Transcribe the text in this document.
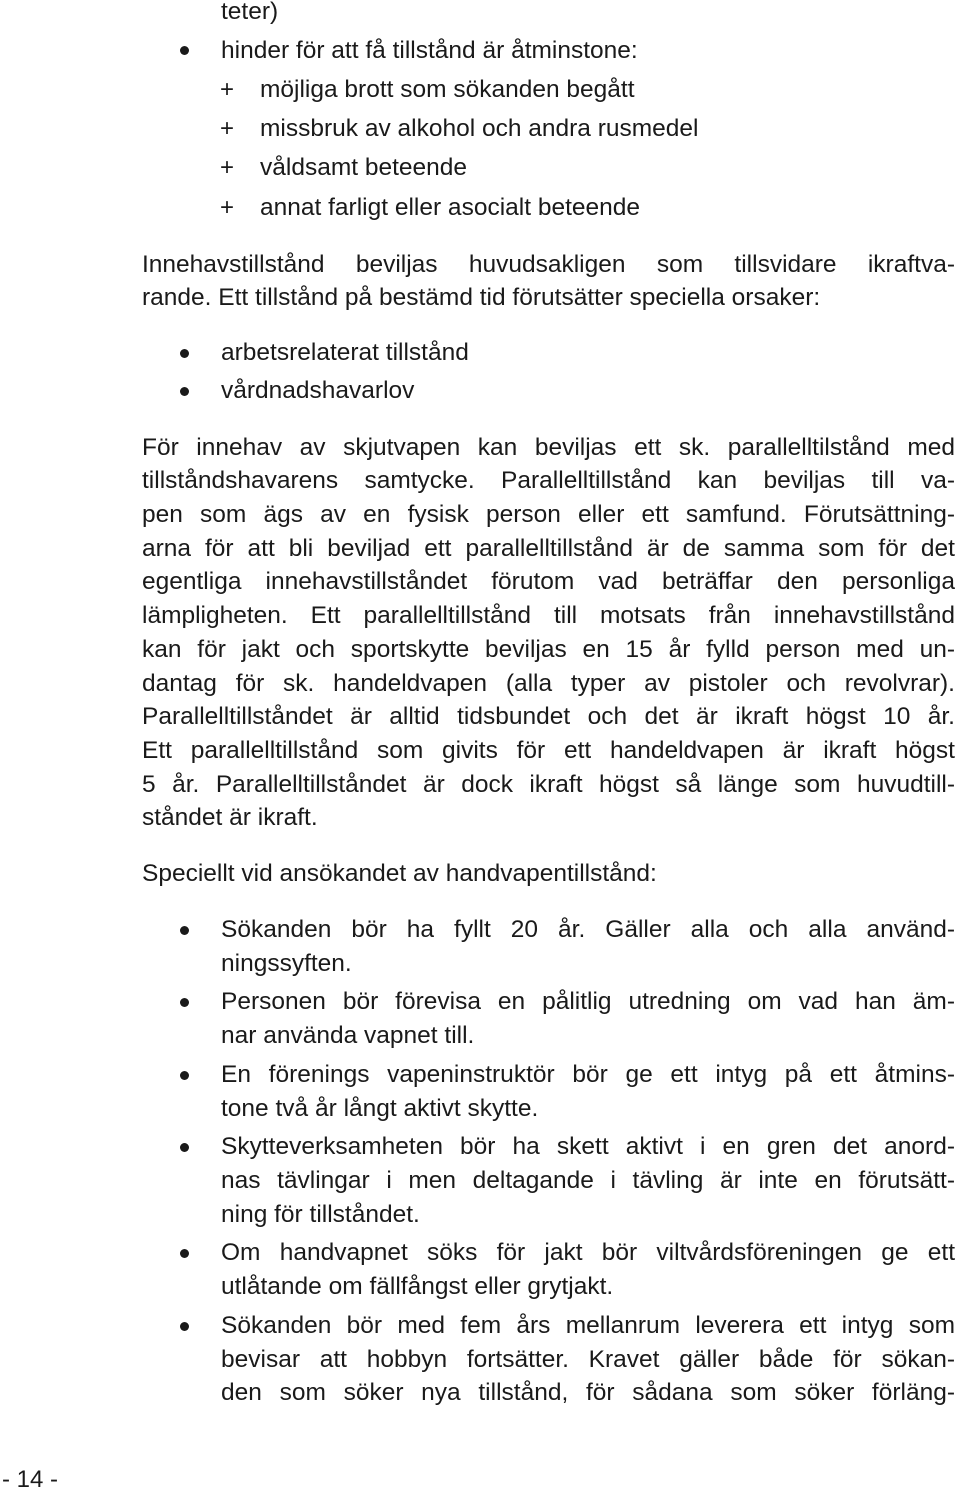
teter)
hinder för att få tillstånd är åtminstone:
+ möjliga brott som sökanden begått
+ missbruk av alkohol och andra rusmedel
+ våldsamt beteende
+ annat farligt eller asocialt beteende
Innehavstillstånd beviljas huvudsakligen som tillsvidare ikraftva-
rande. Ett tillstånd på bestämd tid förutsätter speciella orsaker:
arbetsrelaterat tillstånd
vårdnadshavarlov
För innehav av skjutvapen kan beviljas ett sk. parallelltilstånd med
tillståndshavarens samtycke. Parallelltillstånd kan beviljas till va-
pen som ägs av en fysisk person eller ett samfund. Förutsättning-
arna för att bli beviljad ett parallelltillstånd är de samma som för det
egentliga innehavstillståndet förutom vad beträffar den personliga
lämpligheten. Ett parallelltillstånd till motsats från innehavstillstånd
kan för jakt och sportskytte beviljas en 15 år fylld person med un-
dantag för sk. handeldvapen (alla typer av pistoler och revolvrar).
Parallelltillståndet är alltid tidsbundet och det är ikraft högst 10 år.
Ett parallelltillstånd som givits för ett handeldvapen är ikraft högst
5 år. Parallelltillståndet är dock ikraft högst så länge som huvudtill-
ståndet är ikraft.
Speciellt vid ansökandet av handvapentillstånd:
Sökanden bör ha fyllt 20 år. Gäller alla och alla använd-
ningssyften.
Personen bör förevisa en pålitlig utredning om vad han äm-
nar använda vapnet till.
En förenings vapeninstruktör bör ge ett intyg på ett åtmins-
tone två år långt aktivt skytte.
Skytteverksamheten bör ha skett aktivt i en gren det anord-
nas tävlingar i men deltagande i tävling är inte en förutsätt-
ning för tillståndet.
Om handvapnet söks för jakt bör viltvårdsföreningen ge ett
utlåtande om fällfångst eller grytjakt.
Sökanden bör med fem års mellanrum leverera ett intyg som
bevisar att hobbyn fortsätter. Kravet gäller både för sökan-
den som söker nya tillstånd, för sådana som söker förläng-
- 14 -
